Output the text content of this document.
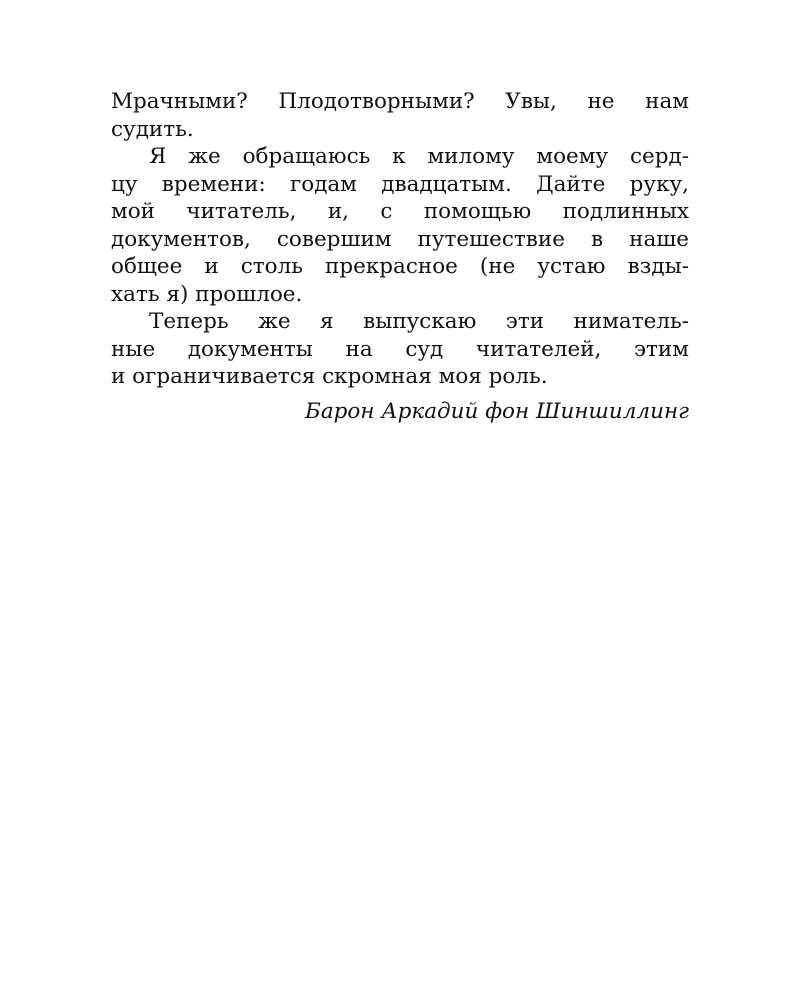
Мрачными? Плодотворными? Увы, не нам
судить.
Я же обращаюсь к милому моему серд-
цу времени: годам двадцатым. Дайте руку,
мой читатель, и, с помощью подлинных
документов, совершим путешествие в наше
общее и столь прекрасное (не устаю взды-
хать я) прошлое.
Теперь же я выпускаю эти ниматель-
ные документы на суд читателей, этим
и ограничивается скромная моя роль.
Барон Аркадий фон Шиншиллинг
